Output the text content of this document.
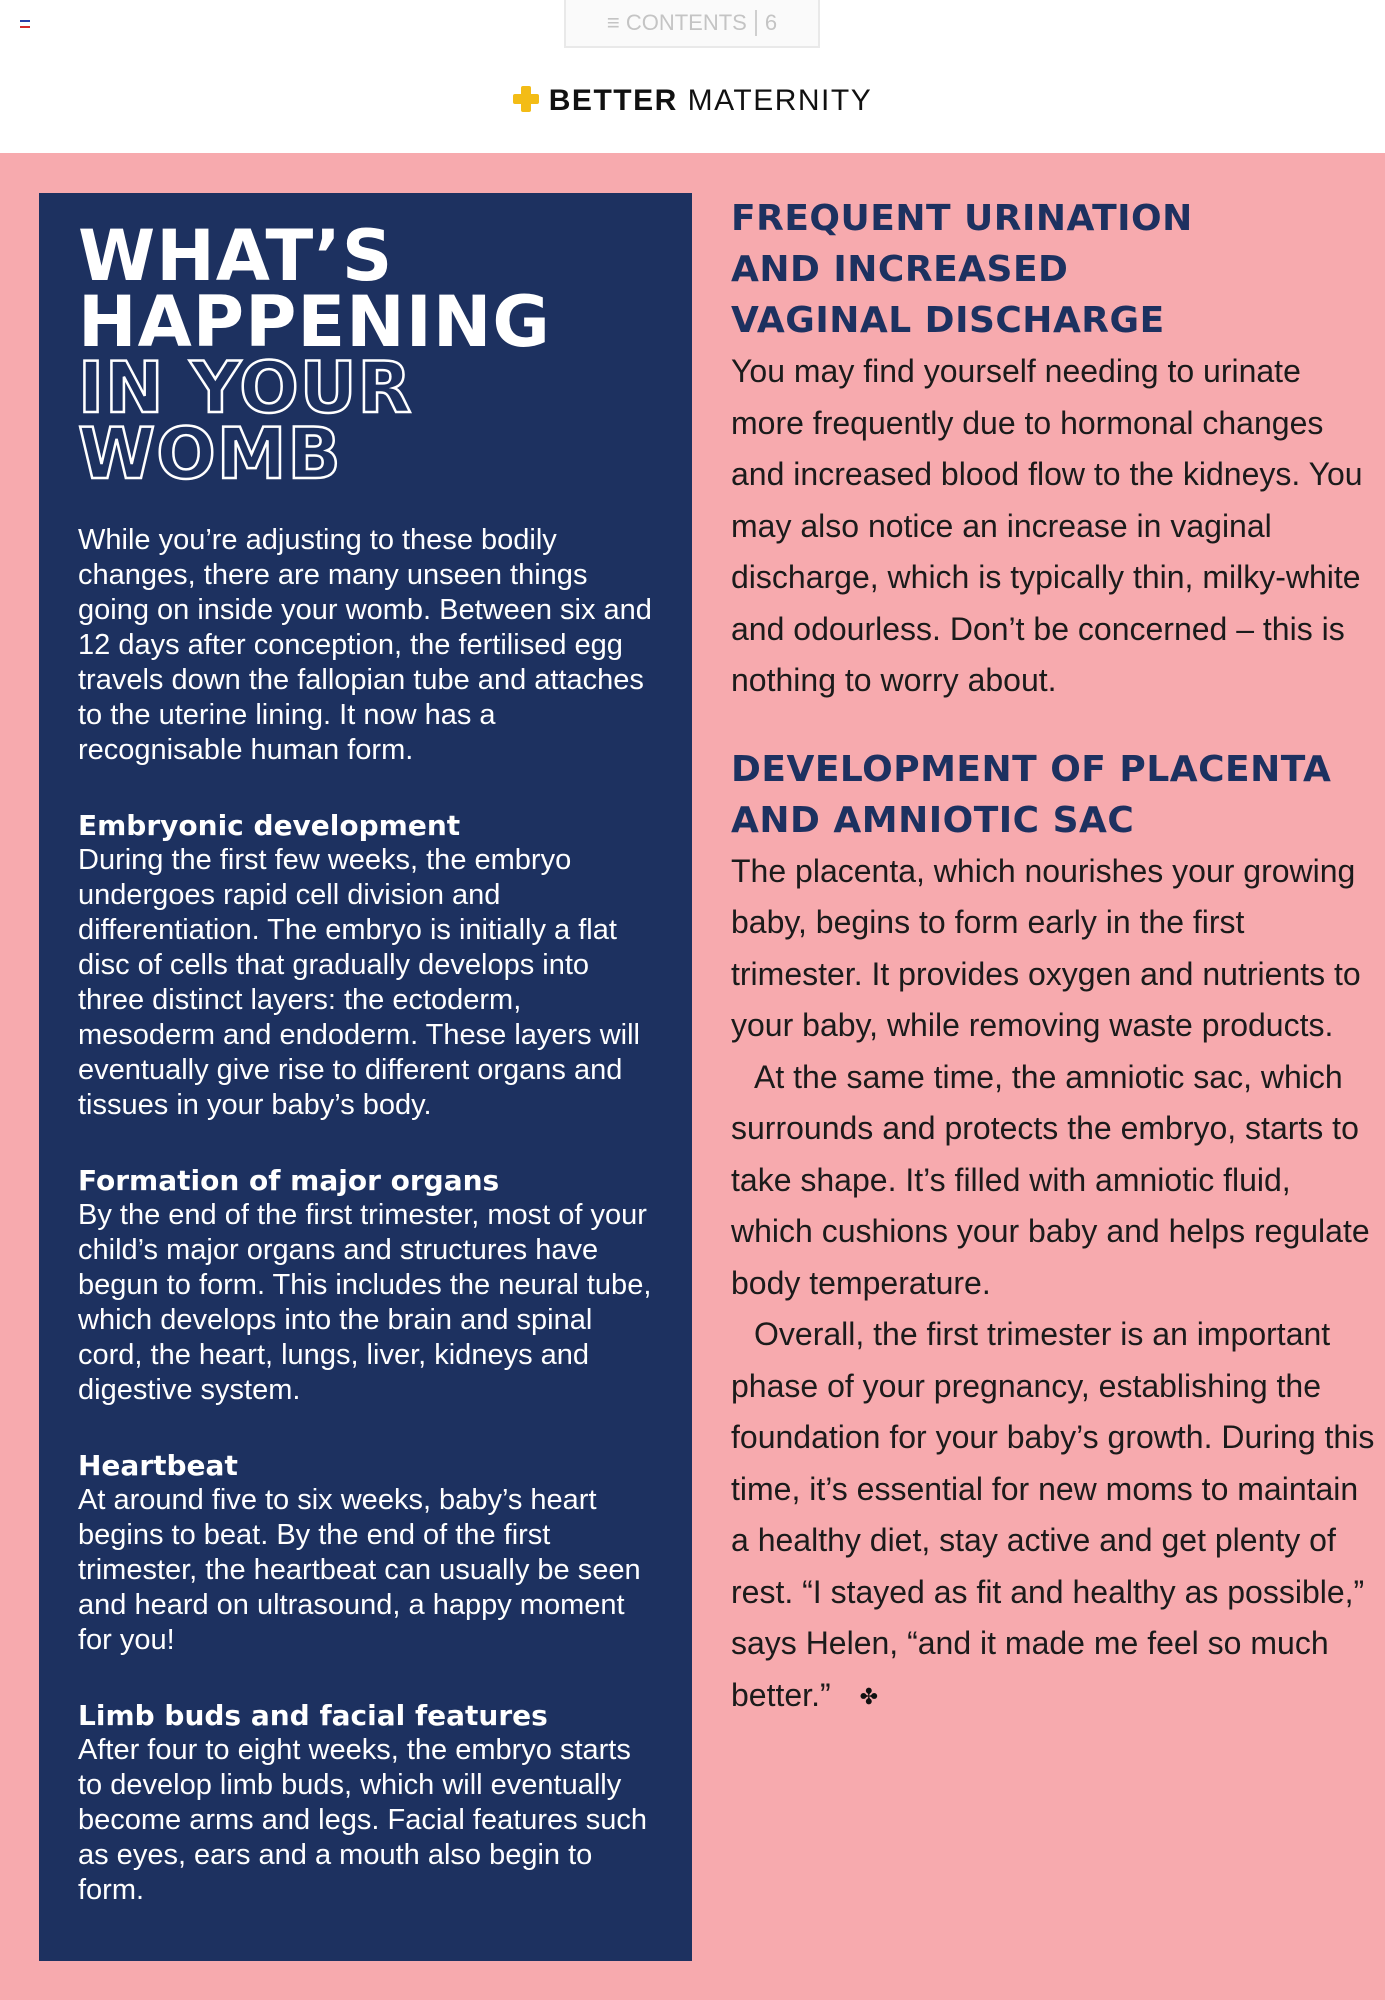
≡ CONTENTS 6
BETTER MATERNITY
WHAT’S
HAPPENING
IN YOUR
WOMB
While you’re adjusting to these bodily changes, there are many unseen things going on inside your womb. Between six and 12 days after conception, the fertilised egg travels down the fallopian tube and attaches to the uterine lining. It now has a recognisable human form.
Embryonic development
During the first few weeks, the embryo undergoes rapid cell division and differentiation. The embryo is initially a flat disc of cells that gradually develops into three distinct layers: the ectoderm, mesoderm and endoderm. These layers will eventually give rise to different organs and tissues in your baby’s body.
Formation of major organs
By the end of the first trimester, most of your child’s major organs and structures have begun to form. This includes the neural tube, which develops into the brain and spinal cord, the heart, lungs, liver, kidneys and digestive system.
Heartbeat
At around five to six weeks, baby’s heart begins to beat. By the end of the first trimester, the heartbeat can usually be seen and heard on ultrasound, a happy moment for you!
Limb buds and facial features
After four to eight weeks, the embryo starts to develop limb buds, which will eventually become arms and legs. Facial features such as eyes, ears and a mouth also begin to form.
FREQUENT URINATION
AND INCREASED
VAGINAL DISCHARGE

You may find yourself needing to urinate more frequently due to hormonal changes and increased blood flow to the kidneys. You may also notice an increase in vaginal discharge, which is typically thin, milky-white and odourless. Don’t be concerned – this is nothing to worry about.

DEVELOPMENT OF PLACENTA
AND AMNIOTIC SAC

The placenta, which nourishes your growing baby, begins to form early in the first trimester. It provides oxygen and nutrients to your baby, while removing waste products.

At the same time, the amniotic sac, which surrounds and protects the embryo, starts to take shape. It’s filled with amniotic fluid, which cushions your baby and helps regulate body temperature.

Overall, the first trimester is an important phase of your pregnancy, establishing the foundation for your baby’s growth. During this time, it’s essential for new moms to maintain a healthy diet, stay active and get plenty of rest. “I stayed as fit and healthy as possible,” says Helen, “and it made me feel so much better.” ✤
